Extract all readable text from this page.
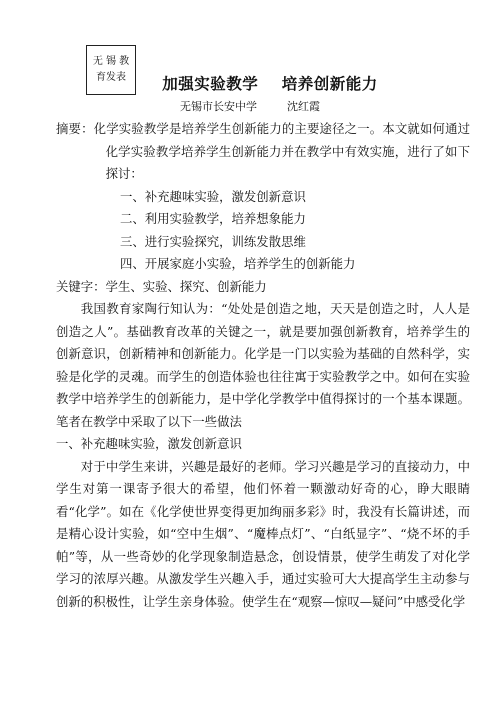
无 锡 教
育发表	加强实验教学    培养创新能力
无锡市长安中学	沈红霞

摘要：化学实验教学是培养学生创新能力的主要途径之一。本文就如何通过化学实验教学培养学生创新能力并在教学中有效实施，进行了如下探讨：

一、补充趣味实验，激发创新意识
二、利用实验教学，培养想象能力
三、进行实验探究，训练发散思维
四、开展家庭小实验，培养学生的创新能力

关键字：学生、实验、探究、创新能力

我国教育家陶行知认为：“处处是创造之地，天天是创造之时，人人是创造之人”。基础教育改革的关键之一，就是要加强创新教育，培养学生的创新意识，创新精神和创新能力。化学是一门以实验为基础的自然科学，实验是化学的灵魂。而学生的创造体验也往往寓于实验教学之中。如何在实验教学中培养学生的创新能力，是中学化学教学中值得探讨的一个基本课题。笔者在教学中采取了以下一些做法

一、补充趣味实验，激发创新意识

对于中学生来讲，兴趣是最好的老师。学习兴趣是学习的直接动力，中学生对第一课寄予很大的希望，他们怀着一颗激动好奇的心，睁大眼睛看“化学”。如在《化学使世界变得更加绚丽多彩》时，我没有长篇讲述，而是精心设计实验，如“空中生烟”、“魔棒点灯”、“白纸显字”、“烧不坏的手帕”等，从一些奇妙的化学现象制造悬念，创设情景，使学生萌发了对化学学习的浓厚兴趣。从激发学生兴趣入手，通过实验可大大提高学生主动参与创新的积极性，让学生亲身体验。使学生在“观察—惊叹—疑问”中感受化学
